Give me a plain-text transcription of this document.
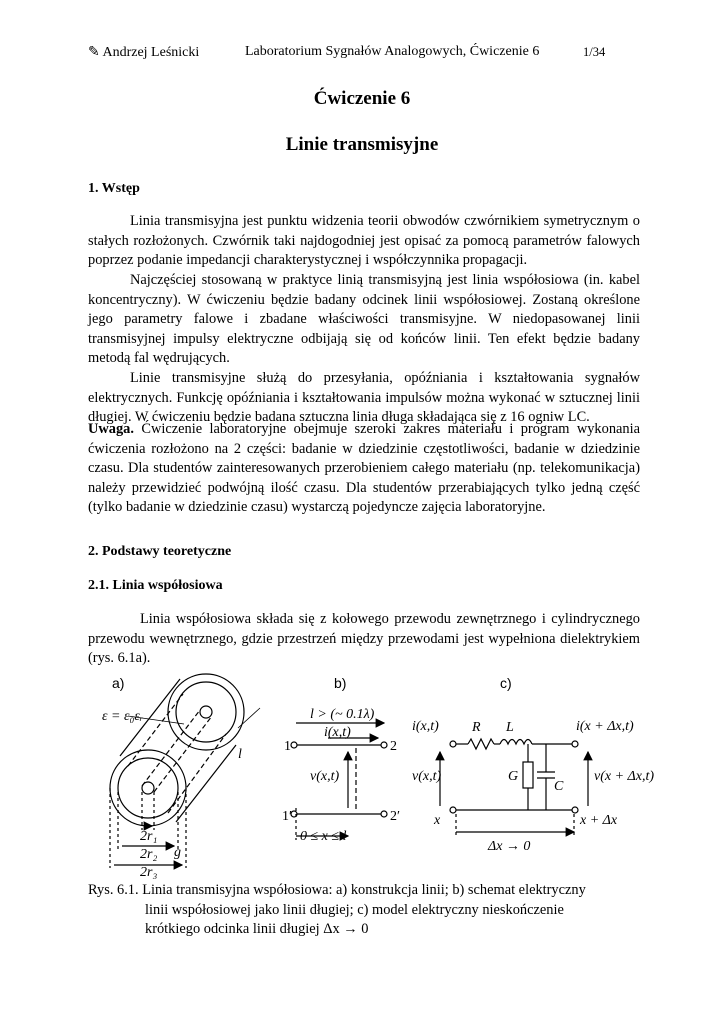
✎ Andrzej Leśnicki	Laboratorium Sygnałów Analogowych, Ćwiczenie 6	1/34
Ćwiczenie 6
Linie transmisyjne
1. Wstęp

Linia transmisyjna jest punktu widzenia teorii obwodów czwórnikiem symetrycznym o stałych rozłożonych. Czwórnik taki najdogodniej jest opisać za pomocą parametrów falowych poprzez podanie impedancji charakterystycznej i współczynnika propagacji.

Najczęściej stosowaną w praktyce linią transmisyjną jest linia współosiowa (in. kabel koncentryczny). W ćwiczeniu będzie badany odcinek linii współosiowej. Zostaną określone jego parametry falowe i zbadane właściwości transmisyjne. W niedopasowanej linii transmisyjnej impulsy elektryczne odbijają się od końców linii. Ten efekt będzie badany metodą fal wędrujących.

Linie transmisyjne służą do przesyłania, opóźniania i kształtowania sygnałów elektrycznych. Funkcję opóźniania i kształtowania impulsów można wykonać w sztucznej linii długiej. W ćwiczeniu będzie badana sztuczna linia długa składająca się z 16 ogniw LC.

Uwaga. Ćwiczenie laboratoryjne obejmuje szeroki zakres materiału i program wykonania ćwiczenia rozłożono na 2 części: badanie w dziedzinie częstotliwości, badanie w dziedzinie czasu. Dla studentów zainteresowanych przerobieniem całego materiału (np. telekomunikacja) należy przewidzieć podwójną ilość czasu. Dla studentów przerabiających tylko jedną część (tylko badanie w dziedzinie czasu) wystarczą pojedyncze zajęcia laboratoryjne.

2. Podstawy teoretyczne
2.1. Linia współosiowa

Linia współosiowa składa się z kołowego przewodu zewnętrznego i cylindrycznego przewodu wewnętrznego, gdzie przestrzeń między przewodami jest wypełniona dielektrykiem (rys. 6.1a).

a)	b)	c)
ε = ε₀εᵣ
l
2r₁
2r₂
2r₃
g
l > (~ 0.1λ)
i(x,t)
v(x,t)
1	2
1′	2′
0 ≤ x ≤ l
i(x,t)	i(x + Δx,t)
R L
G
C
v(x,t)	v(x + Δx,t)
x	x + Δx
Δx → 0
Rys. 6.1. Linia transmisyjna współosiowa: a) konstrukcja linii; b) schemat elektryczny
linii współosiowej jako linii długiej; c) model elektryczny nieskończenie
krótkiego odcinka linii długiej Δx → 0
